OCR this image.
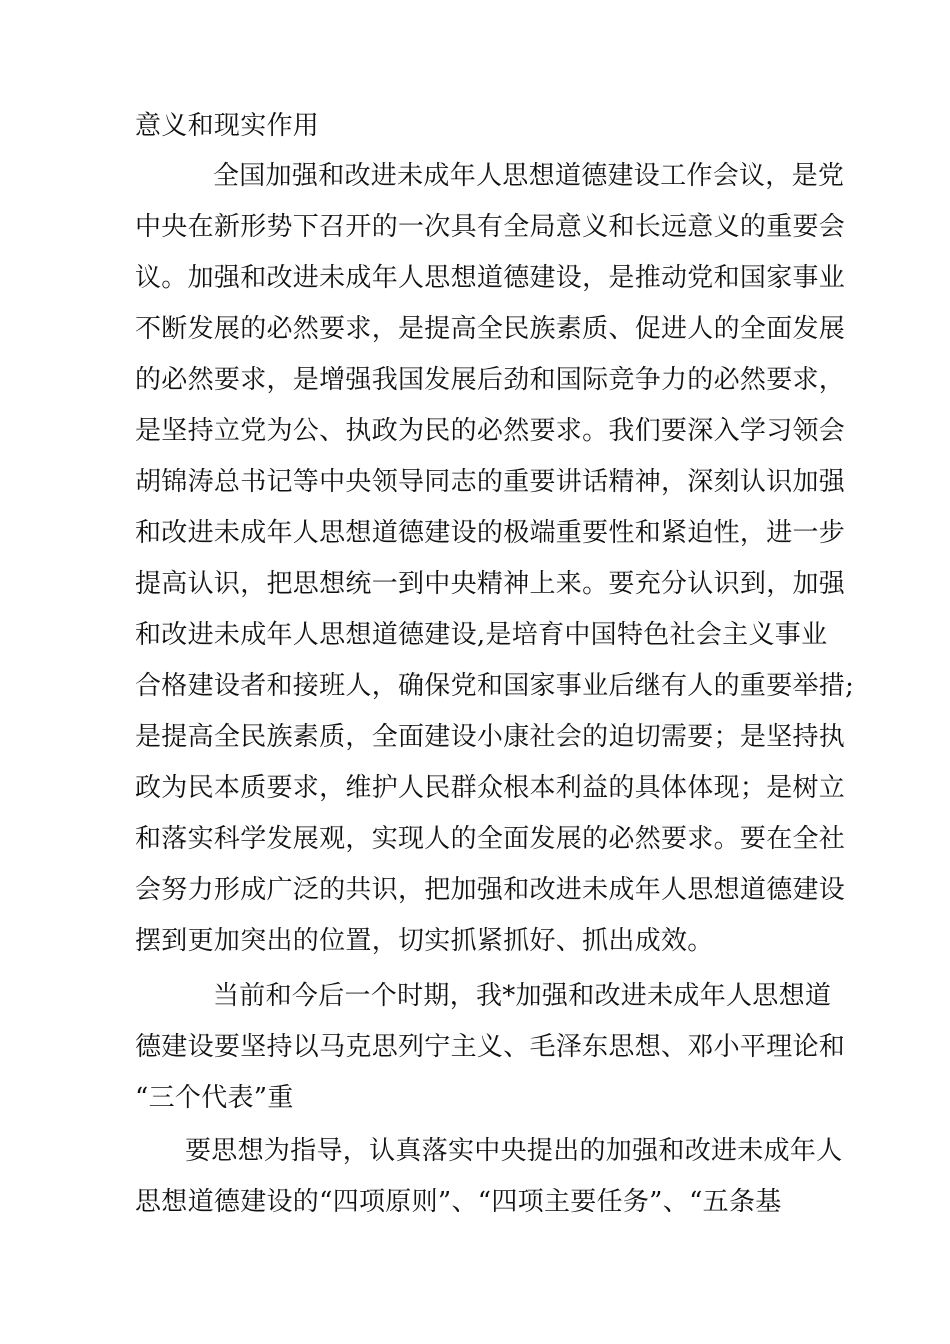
意义和现实作用
全国加强和改进未成年人思想道德建设工作会议，是党
中央在新形势下召开的一次具有全局意义和长远意义的重要会
议。加强和改进未成年人思想道德建设，是推动党和国家事业
不断发展的必然要求，是提高全民族素质、促进人的全面发展
的必然要求，是增强我国发展后劲和国际竞争力的必然要求，
是坚持立党为公、执政为民的必然要求。我们要深入学习领会
胡锦涛总书记等中央领导同志的重要讲话精神，深刻认识加强
和改进未成年人思想道德建设的极端重要性和紧迫性，进一步
提高认识，把思想统一到中央精神上来。要充分认识到，加强
和改进未成年人思想道德建设,是培育中国特色社会主义事业
合格建设者和接班人，确保党和国家事业后继有人的重要举措;
是提高全民族素质，全面建设小康社会的迫切需要；是坚持执
政为民本质要求，维护人民群众根本利益的具体体现；是树立
和落实科学发展观，实现人的全面发展的必然要求。要在全社
会努力形成广泛的共识，把加强和改进未成年人思想道德建设
摆到更加突出的位置，切实抓紧抓好、抓出成效。
当前和今后一个时期，我*加强和改进未成年人思想道
德建设要坚持以马克思列宁主义、毛泽东思想、邓小平理论和
“三个代表”重
要思想为指导，认真落实中央提出的加强和改进未成年人
思想道德建设的“四项原则”、“四项主要任务”、“五条基
